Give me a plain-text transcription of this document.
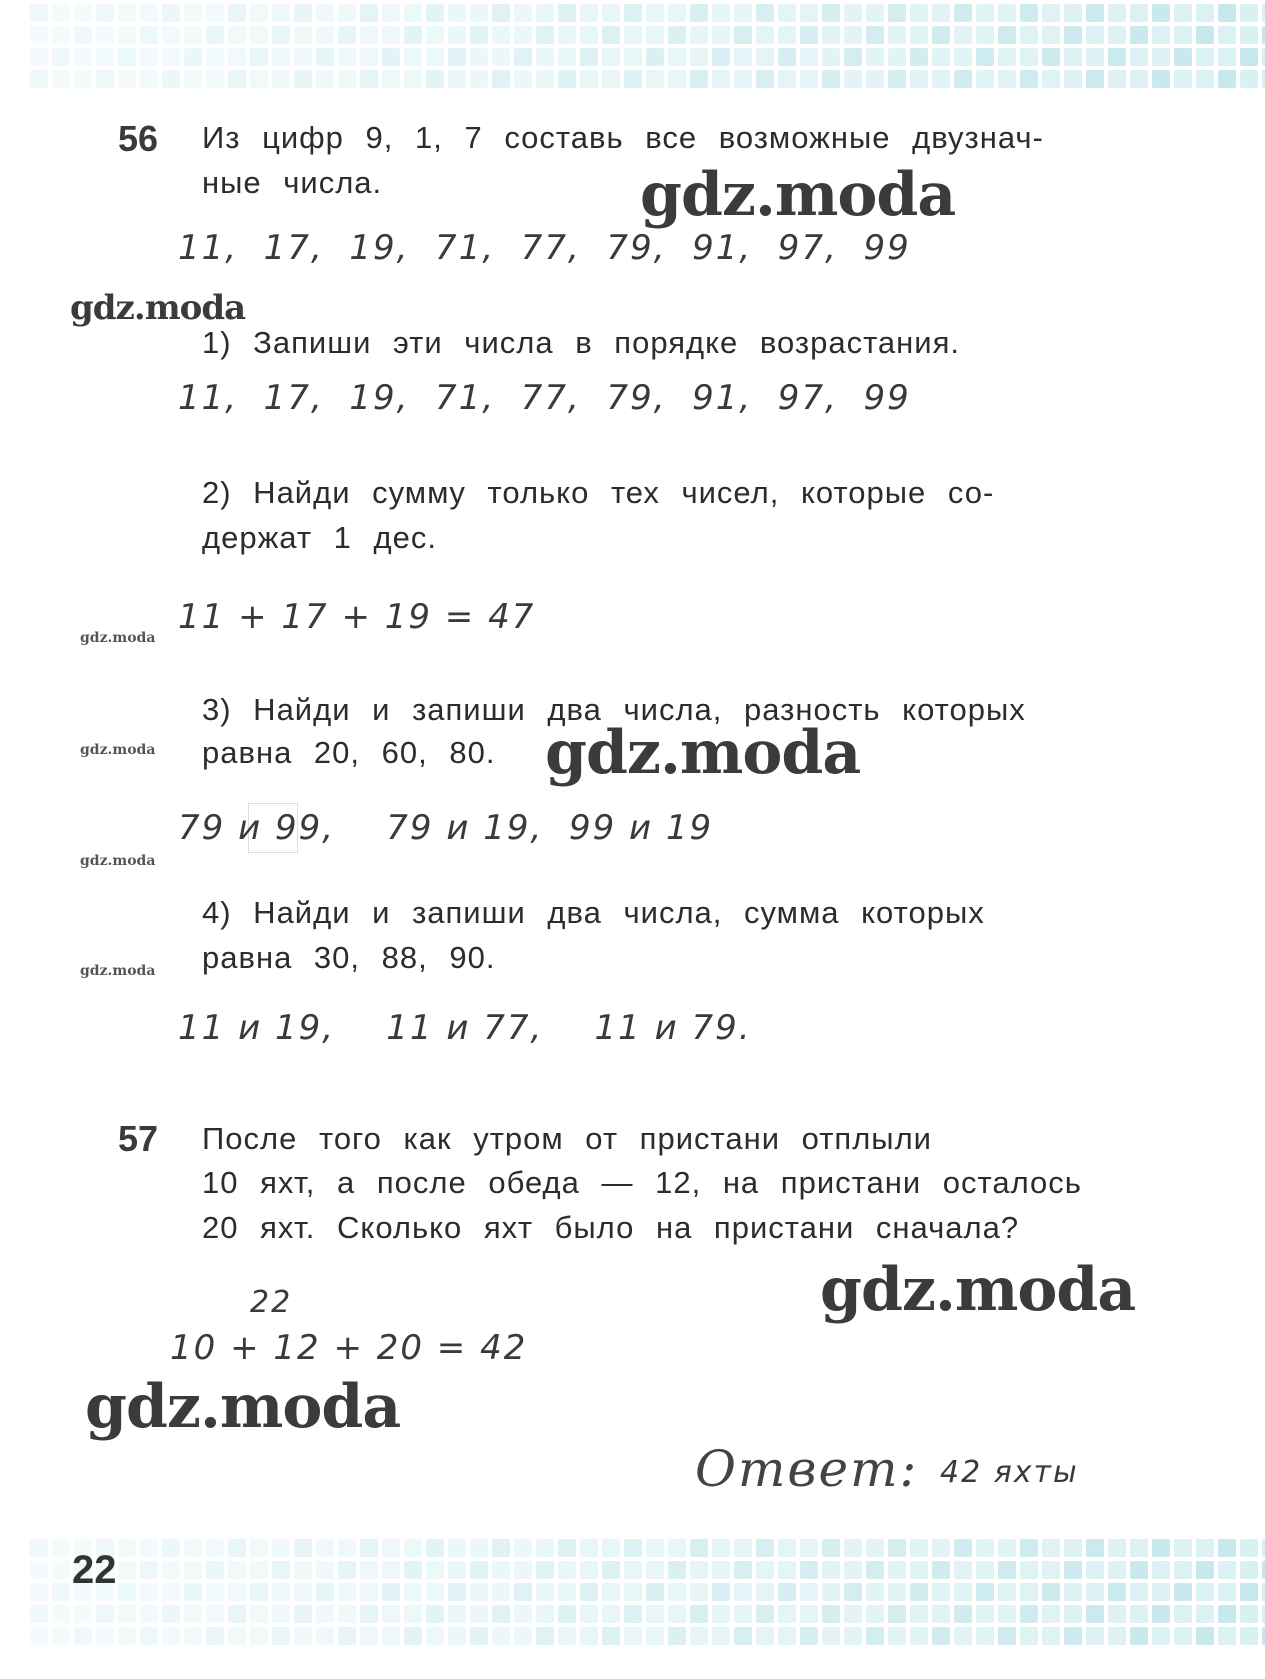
56 Из цифр 9, 1, 7 составь все возможные двузнач-
ные числа.	gdz.moda
11,  17,  19,  71,  77,  79,  91,  97,  99
gdz.moda
1) Запиши эти числа в порядке возрастания.
11,  17,  19,  71,  77,  79,  91,  97,  99
2) Найди суммy только тех чисел, которые со-
держат 1 дес.
11 + 17 + 19 = 47
gdz.moda
3) Найди и запиши два числа, разность которых
равна 20, 60, 80.
gdz.moda	gdz.moda
79 и 99,    79 и 19,  99 и 19
gdz.moda
4) Найди и запиши два числа, сумма которых
равна 30, 88, 90.
gdz.moda
11 и 19,    11 и 77,    11 и 79.
57 После того как утром от пристани отплыли
10 яхт, а после обеда — 12, на пристани осталось
20 яхт. Сколько яхт было на пристани сначала?
gdz.moda
22
10 + 12 + 20 = 42
gdz.moda
Ответ: 42 яхты
22
